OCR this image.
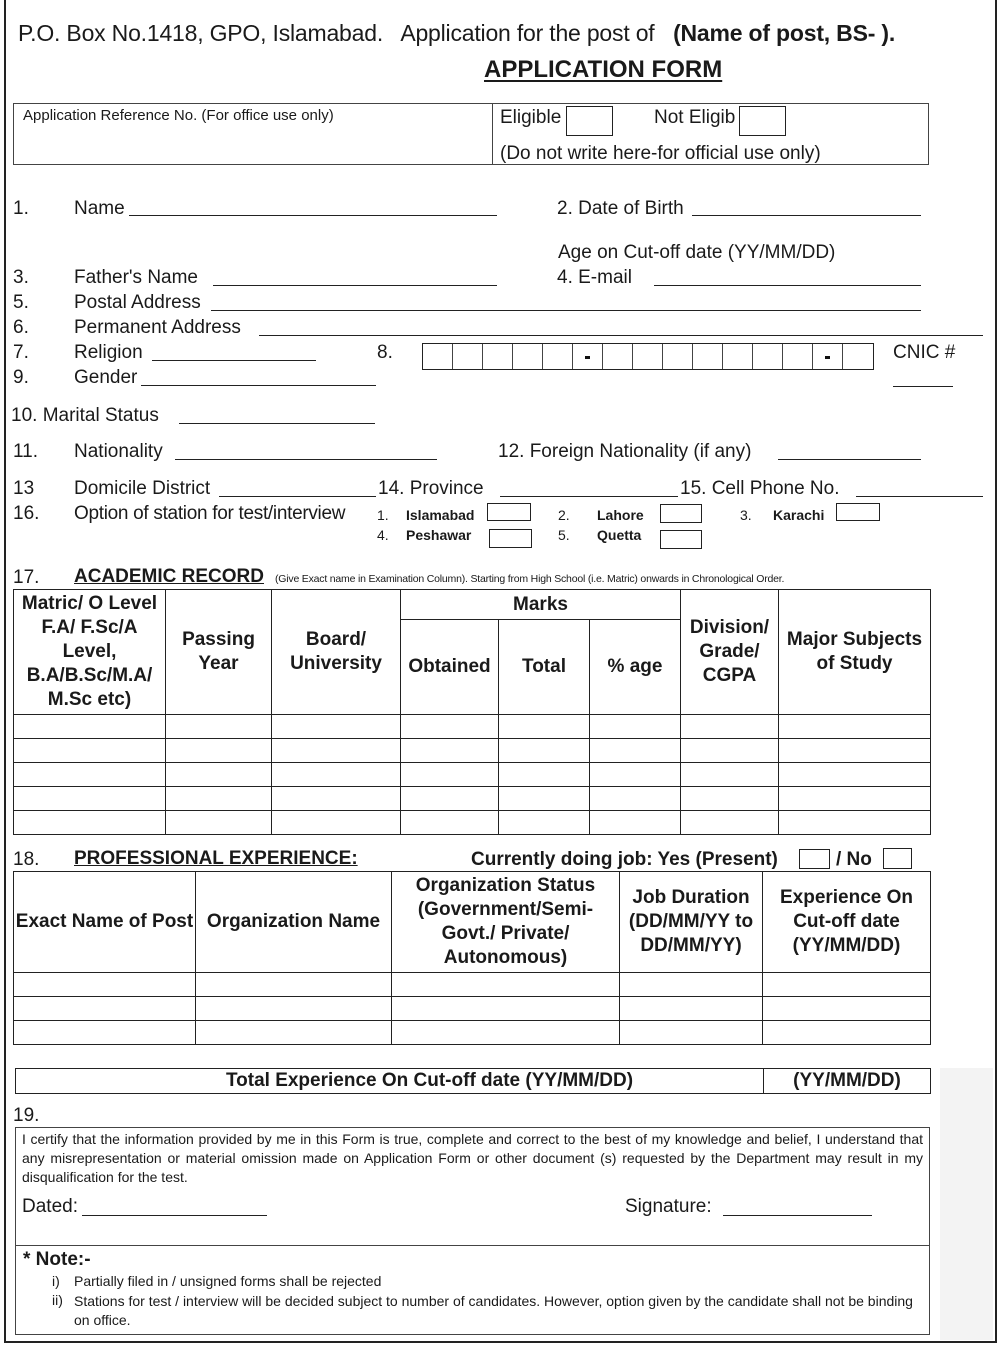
P.O. Box No.1418, GPO, Islamabad. Application for the post of (Name of post, BS- ).
APPLICATION FORM
Application Reference No. (For office use only)	Eligible	Not Eligib
(Do not write here-for official use only)
1. Name	2. Date of Birth
Age on Cut-off date (YY/MM/DD)
3. Father's Name	4. E-mail
5. Postal Address
6. Permanent Address
7. Religion	8.	CNIC #
9. Gender
10. Marital Status
11. Nationality	12. Foreign Nationality (if any)
13 Domicile District	14. Province	15. Cell Phone No.
16. Option of station for test/interview 1. Islamabad	2. Lahore	3. Karachi
4. Peshawar	5. Quetta
17. ACADEMIC RECORD (Give Exact name in Examination Column). Starting from High School (i.e. Matric) onwards in Chronological Order.
Matric/ O Level F.A/ F.Sc/A Level, B.A/B.Sc/M.A/ M.Sc etc)	Passing Year	Board/ University	Marks			Division/ Grade/ CGPA	Major Subjects of Study
			Obtained	Total	% age		

18. PROFESSIONAL EXPERIENCE:	Currently doing job: Yes (Present)	/ No
Exact Name of Post	Organization Name	Organization Status (Government/Semi- Govt./ Private/ Autonomous)	Job Duration (DD/MM/YY to DD/MM/YY)	Experience On Cut-off date (YY/MM/DD)

Total Experience On Cut-off date (YY/MM/DD)	(YY/MM/DD)
19.
I certify that the information provided by me in this Form is true, complete and correct to the best of my knowledge and belief, I understand that any misrepresentation or material omission made on Application Form or other document (s) requested by the Department may result in my disqualification for the test.
Dated:	Signature:
* Note:-
i) Partially filed in / unsigned forms shall be rejected
ii) Stations for test / interview will be decided subject to number of candidates. However, option given by the candidate shall not be binding on office.
